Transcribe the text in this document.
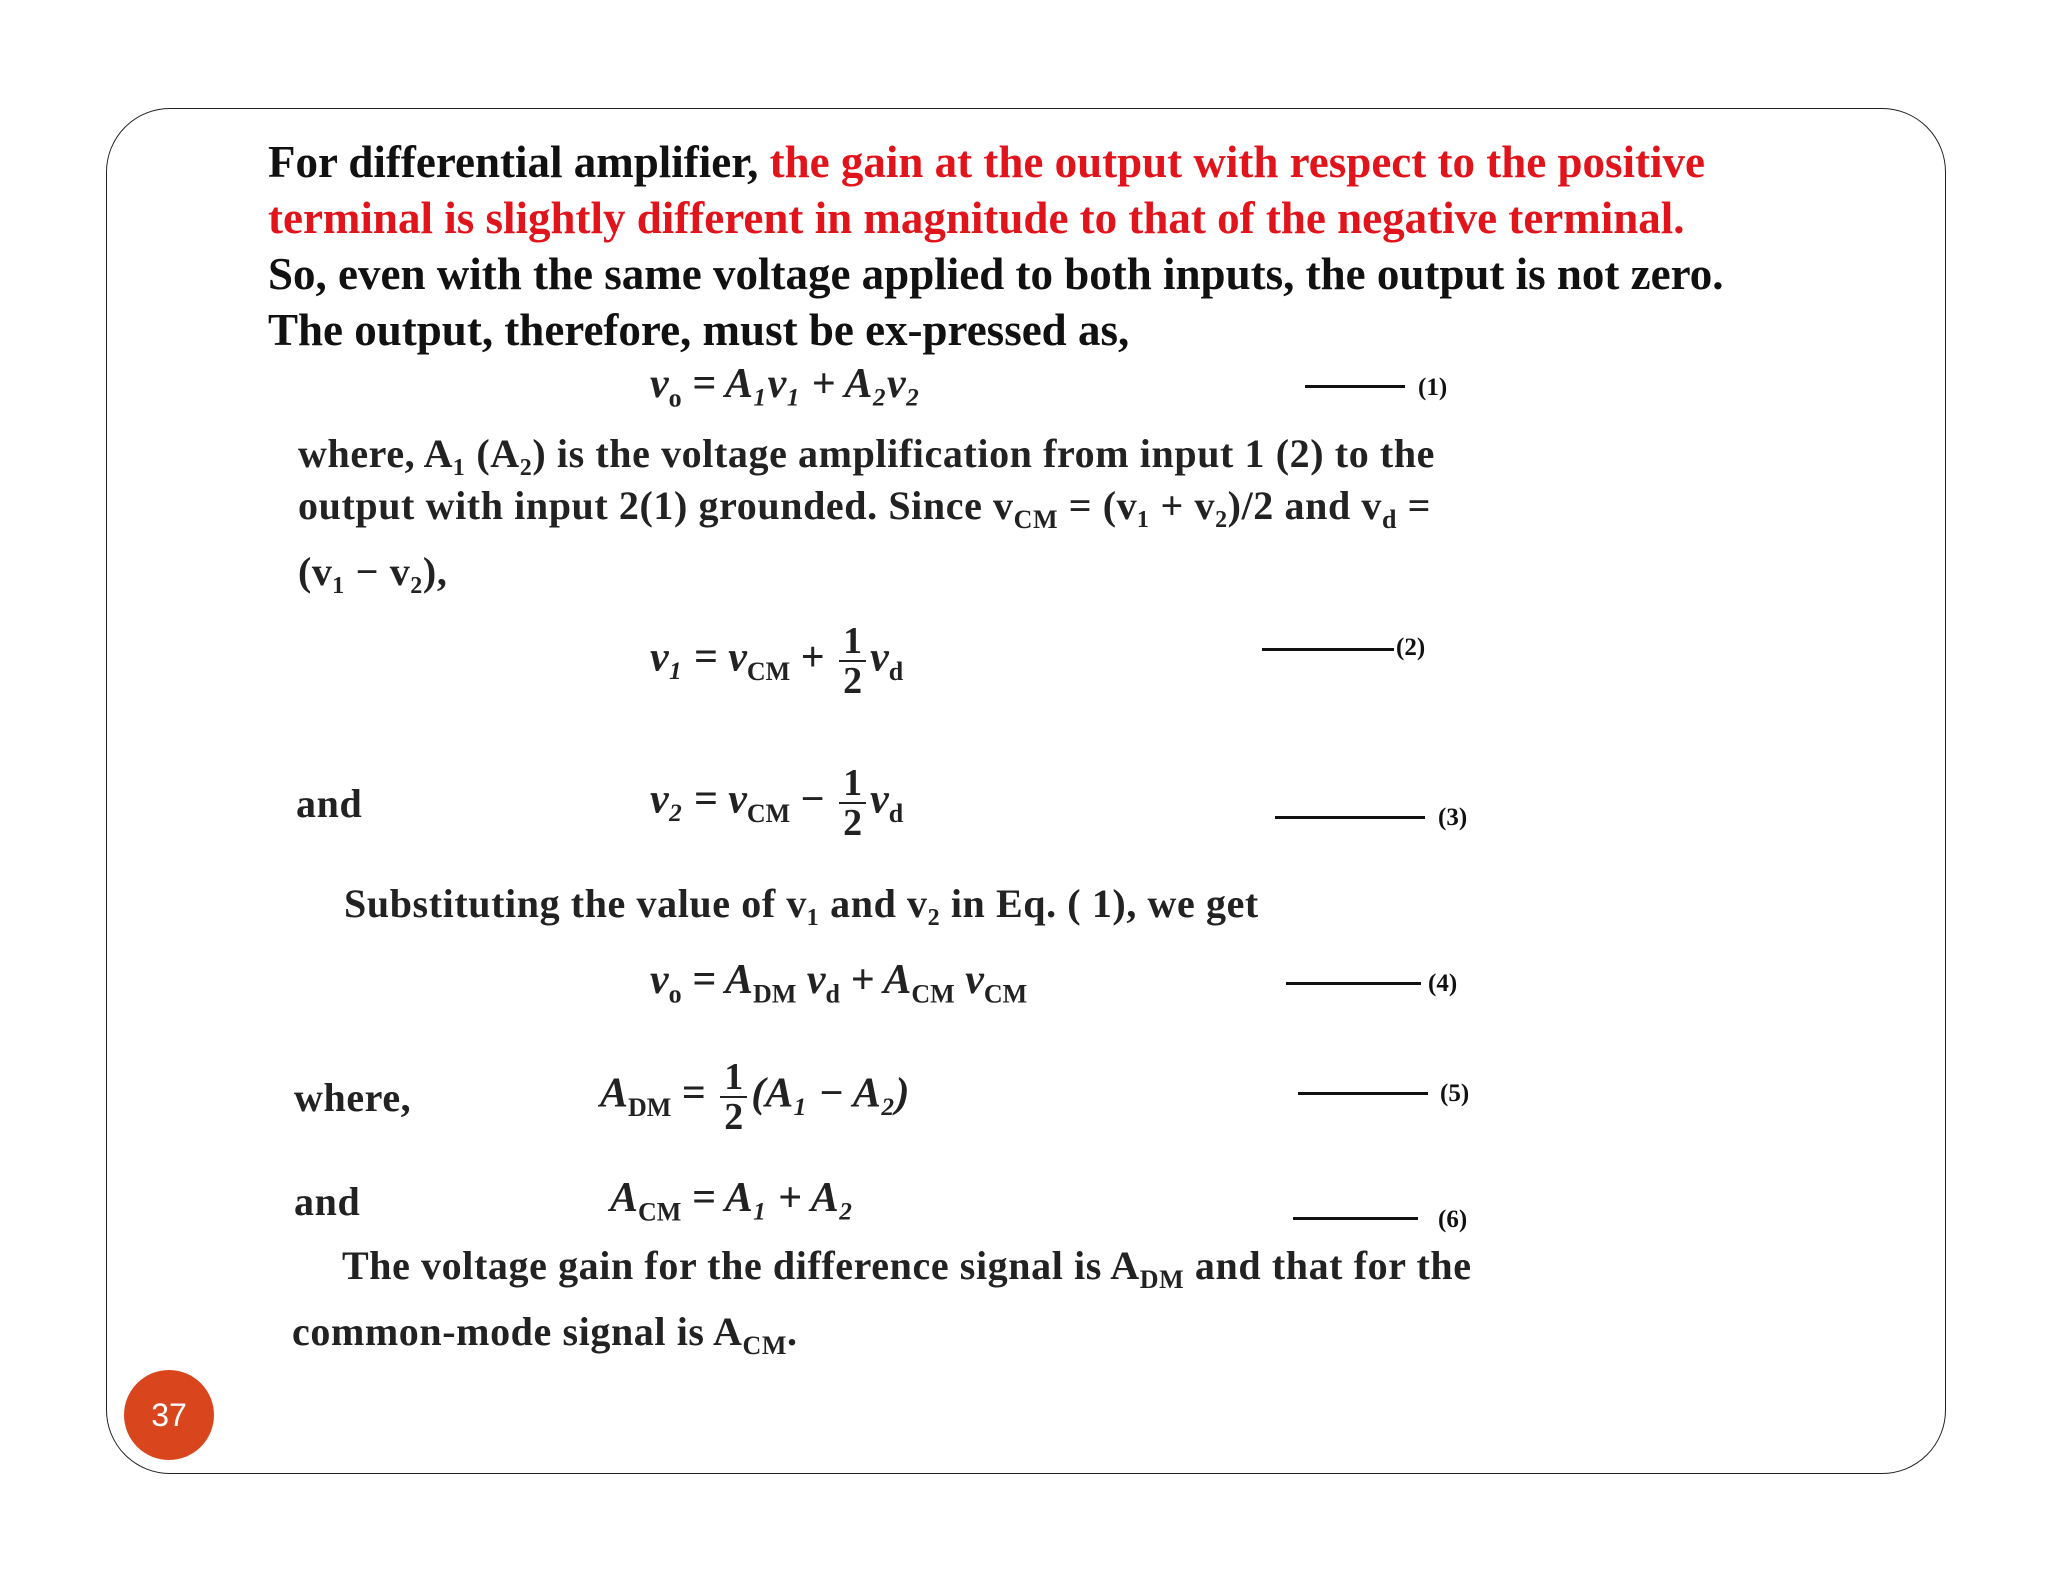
For differential amplifier, the gain at the output with respect to the positive terminal is slightly different in magnitude to that of the negative terminal.
So, even with the same voltage applied to both inputs, the output is not zero.
The output, therefore, must be ex-pressed as,
$v_o = A_1v_1 + A_2v_2$	(1)
where, A₁ (A₂) is the voltage amplification from input 1 (2) to the
output with input 2(1) grounded. Since $v_{CM} = (v_1 + v_2)/2$ and $v_d$ =
(v₁ − v₂),
$v_1 = v_{CM} + \frac{1}{2} v_d$
(2)
and	$v_2 = v_{CM} - \frac{1}{2} v_d$	(3)
Substituting the value of v₁ and v₂ in Eq. ( 1), we get
$v_o = A_{DM}$ $v_d + A_{CM}$ $v_{CM}$	(4)
where,	$A_{DM} = \frac{1}{2} (A_1 - A_2)$	(5)
and	$A_{CM} = A_1 + A_2$	(6)
The voltage gain for the difference signal is $A_{DM}$ and that for the
common-mode signal is $A_{CM}$.
37
